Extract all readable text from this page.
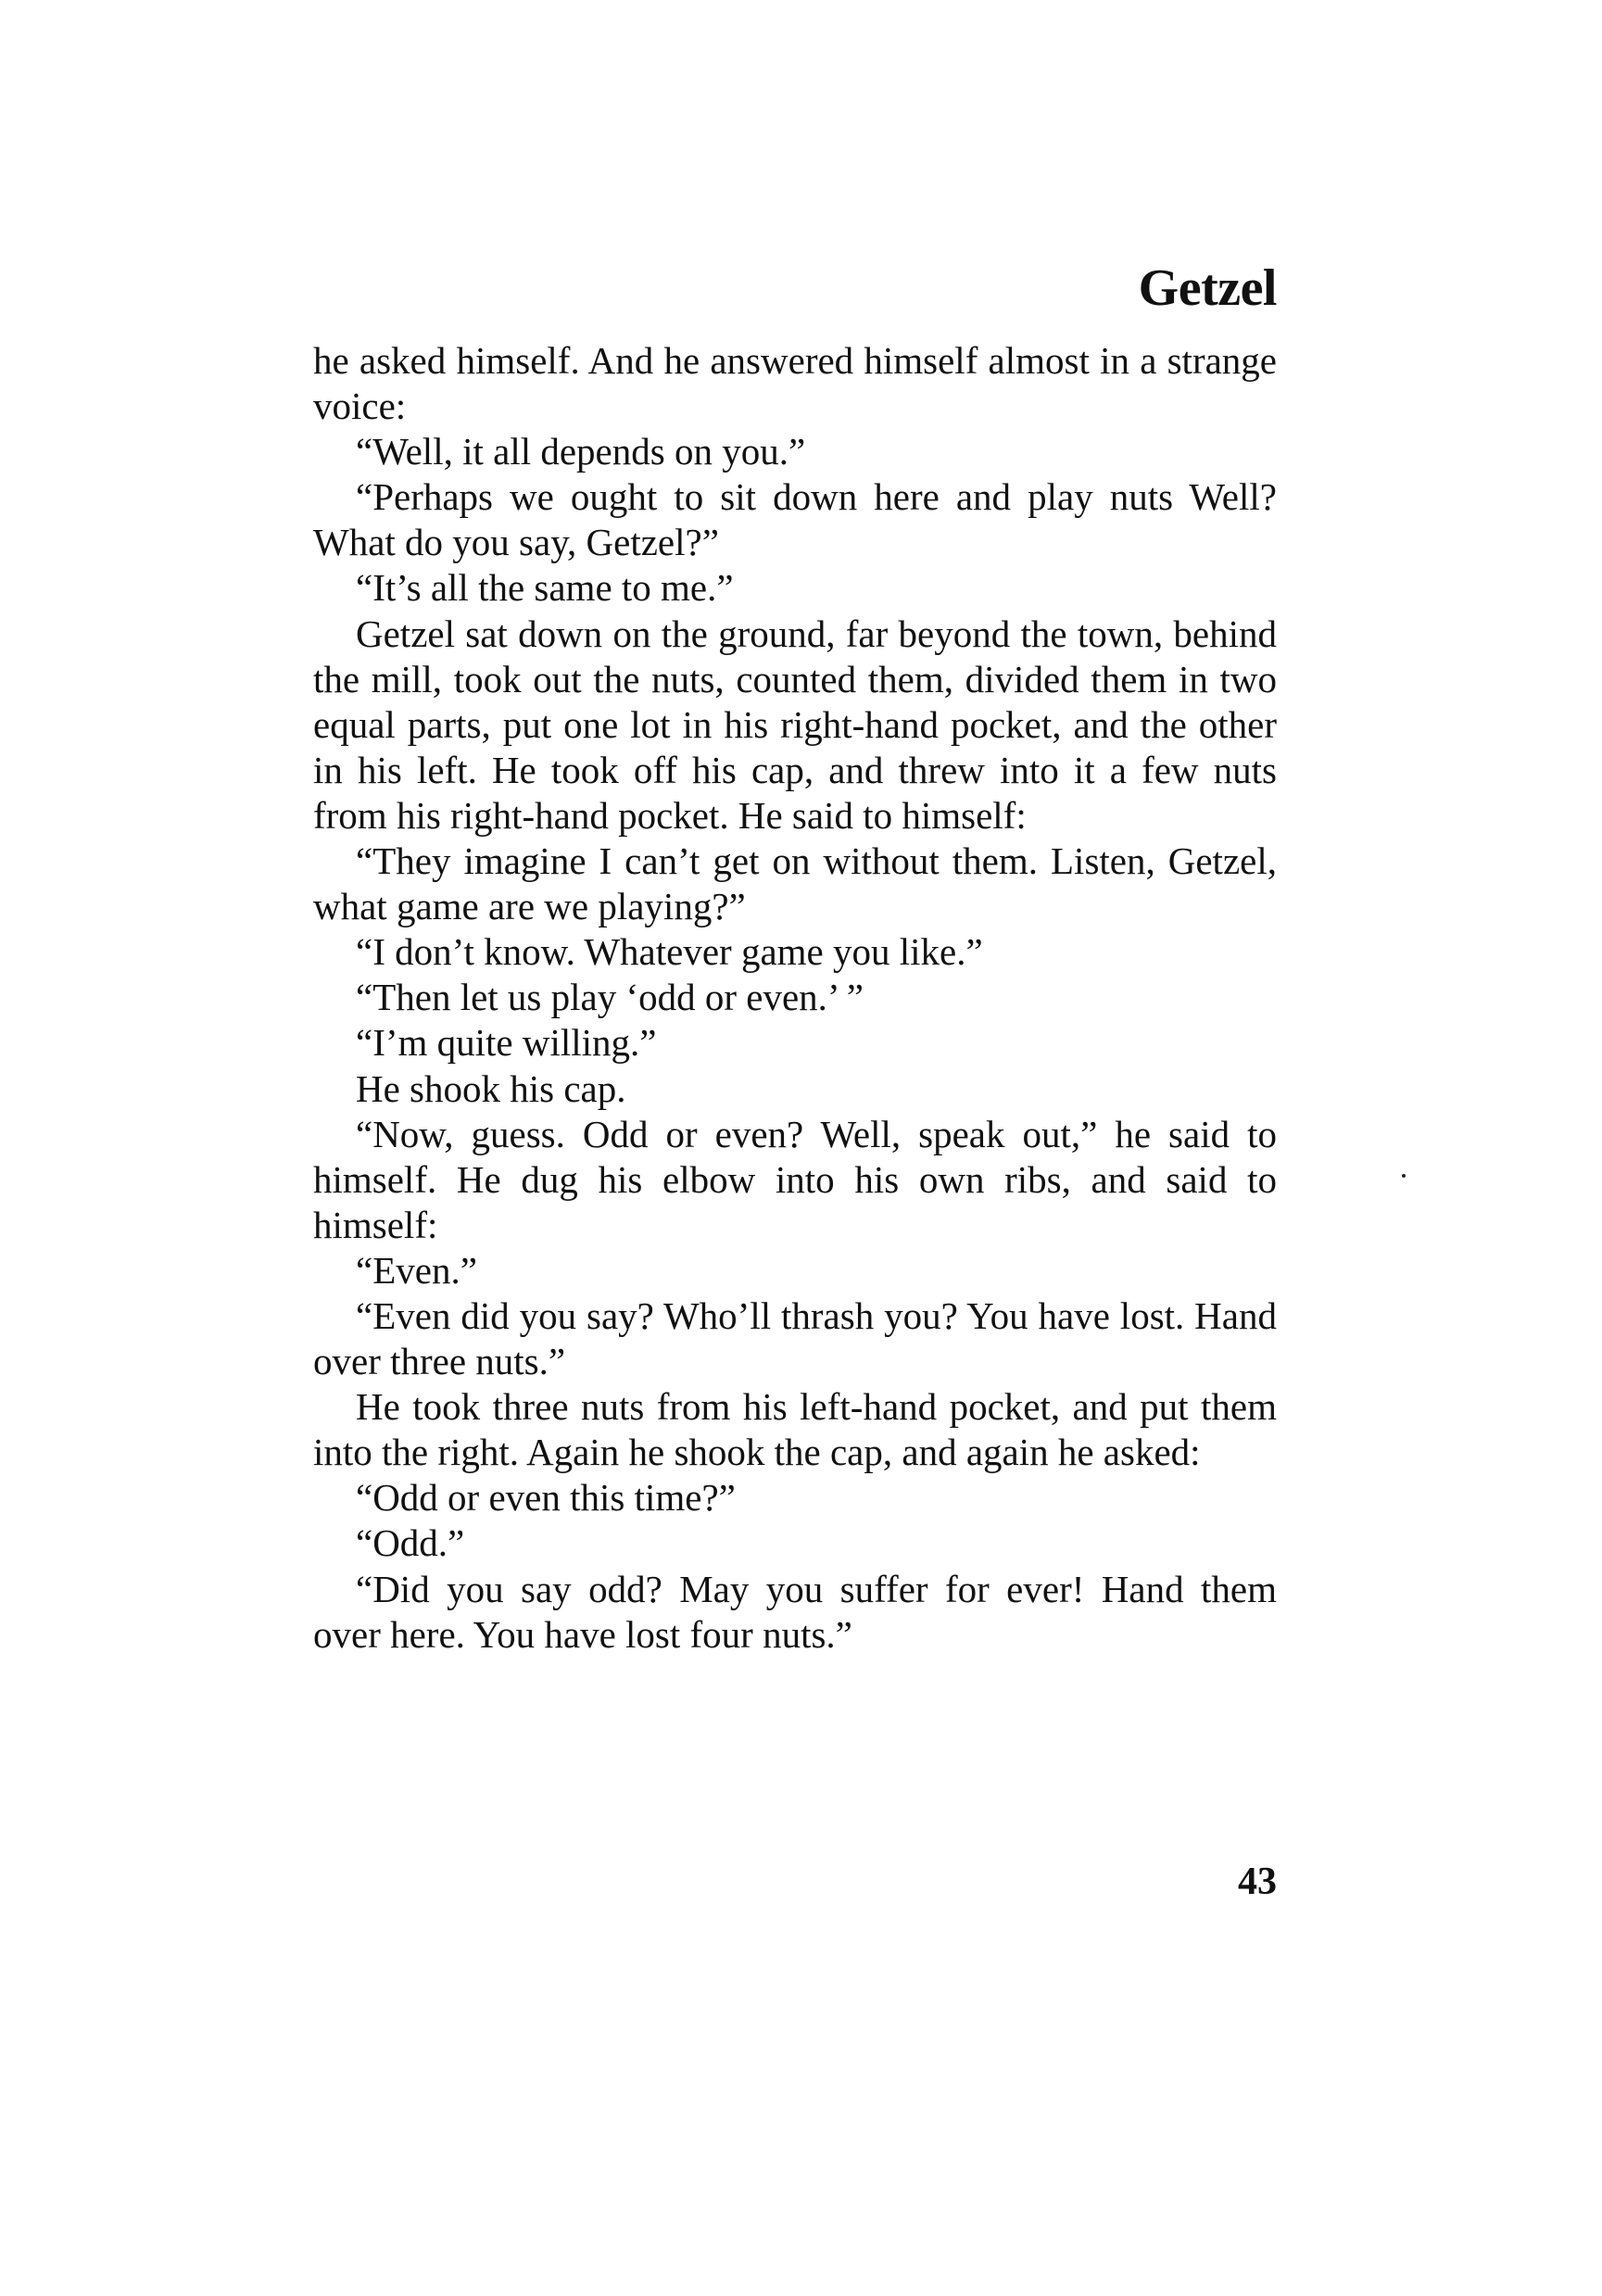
Getzel

he asked himself. And he answered himself almost in a strange voice:

“Well, it all depends on you.”

“Perhaps we ought to sit down here and play nuts Well? What do you say, Getzel?”

“It’s all the same to me.”

Getzel sat down on the ground, far beyond the town, behind the mill, took out the nuts, counted them, divided them in two equal parts, put one lot in his right-hand pocket, and the other in his left. He took off his cap, and threw into it a few nuts from his right-hand pocket. He said to himself:

“They imagine I can’t get on without them. Listen, Getzel, what game are we playing?”

“I don’t know. Whatever game you like.”

“Then let us play ‘odd or even.’ ”

“I’m quite willing.”

He shook his cap.

“Now, guess. Odd or even? Well, speak out,” he said to himself. He dug his elbow into his own ribs, and said to himself:

“Even.”

“Even did you say? Who’ll thrash you? You have lost. Hand over three nuts.”

He took three nuts from his left-hand pocket, and put them into the right. Again he shook the cap, and again he asked:

“Odd or even this time?”

“Odd.”

“Did you say odd? May you suffer for ever! Hand them over here. You have lost four nuts.”

43
